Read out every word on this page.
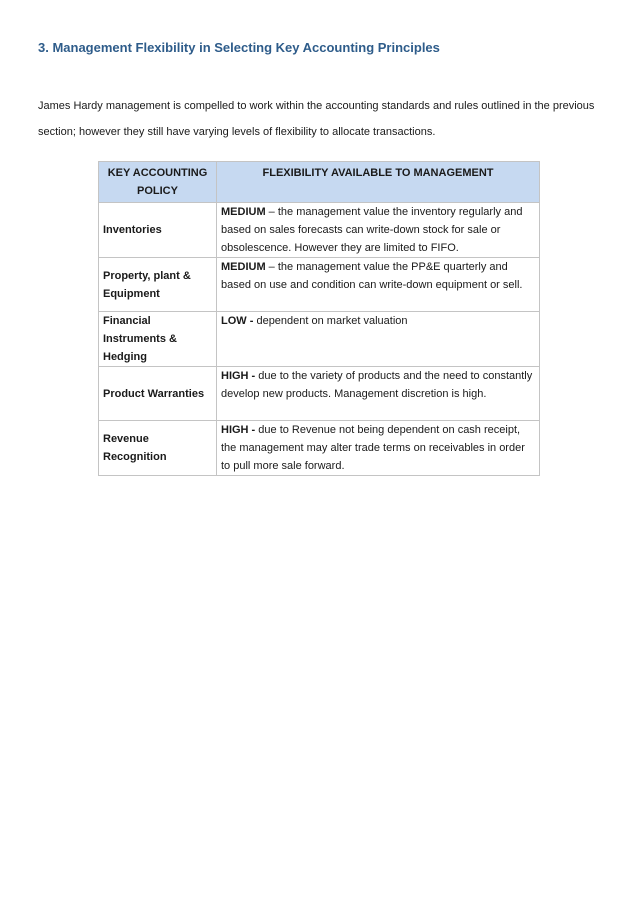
3. Management Flexibility in Selecting Key Accounting Principles
James Hardy management is compelled to work within the accounting standards and rules outlined in the previous section; however they still have varying levels of flexibility to allocate transactions.
KEY ACCOUNTING POLICY	FLEXIBILITY AVAILABLE TO MANAGEMENT
Inventories	MEDIUM – the management value the inventory regularly and based on sales forecasts can write-down stock for sale or obsolescence. However they are limited to FIFO.
Property, plant & Equipment	MEDIUM – the management value the PP&E quarterly and based on use and condition can write-down equipment or sell.
Financial Instruments & Hedging	LOW - dependent on market valuation
Product Warranties	HIGH - due to the variety of products and the need to constantly develop new products. Management discretion is high.
Revenue Recognition	HIGH - due to Revenue not being dependent on cash receipt, the management may alter trade terms on receivables in order to pull more sale forward.
